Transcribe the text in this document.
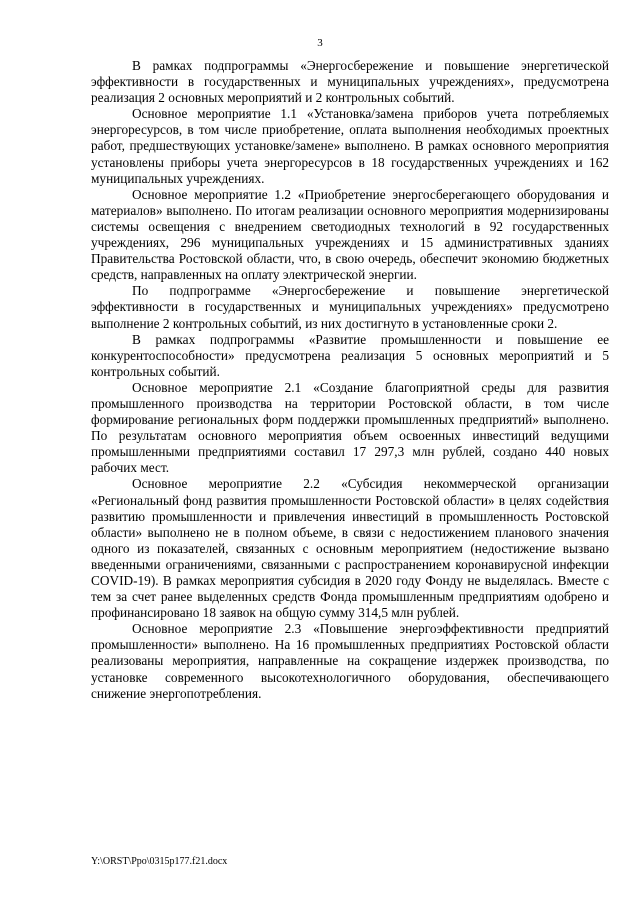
3

В рамках подпрограммы «Энергосбережение и повышение энергетической эффективности в государственных и муниципальных учреждениях», предусмотрена реализация 2 основных мероприятий и 2 контрольных событий.

Основное мероприятие 1.1 «Установка/замена приборов учета потребляемых энергоресурсов, в том числе приобретение, оплата выполнения необходимых проектных работ, предшествующих установке/замене» выполнено. В рамках основного мероприятия установлены приборы учета энергоресурсов в 18 государственных учреждениях и 162 муниципальных учреждениях.

Основное мероприятие 1.2 «Приобретение энергосберегающего оборудования и материалов» выполнено. По итогам реализации основного мероприятия модернизированы системы освещения с внедрением светодиодных технологий в 92 государственных учреждениях, 296 муниципальных учреждениях и 15 административных зданиях Правительства Ростовской области, что, в свою очередь, обеспечит экономию бюджетных средств, направленных на оплату электрической энергии.

По подпрограмме «Энергосбережение и повышение энергетической эффективности в государственных и муниципальных учреждениях» предусмотрено выполнение 2 контрольных событий, из них достигнуто в установленные сроки 2.

В рамках подпрограммы «Развитие промышленности и повышение ее конкурентоспособности» предусмотрена реализация 5 основных мероприятий и 5 контрольных событий.

Основное мероприятие 2.1 «Создание благоприятной среды для развития промышленного производства на территории Ростовской области, в том числе формирование региональных форм поддержки промышленных предприятий» выполнено. По результатам основного мероприятия объем освоенных инвестиций ведущими промышленными предприятиями составил 17 297,3 млн рублей, создано 440 новых рабочих мест.

Основное мероприятие 2.2 «Субсидия некоммерческой организации «Региональный фонд развития промышленности Ростовской области» в целях содействия развитию промышленности и привлечения инвестиций в промышленность Ростовской области» выполнено не в полном объеме, в связи с недостижением планового значения одного из показателей, связанных с основным мероприятием (недостижение вызвано введенными ограничениями, связанными с распространением коронавирусной инфекции COVID-19). В рамках мероприятия субсидия в 2020 году Фонду не выделялась. Вместе с тем за счет ранее выделенных средств Фонда промышленным предприятиям одобрено и профинансировано 18 заявок на общую сумму 314,5 млн рублей.

Основное мероприятие 2.3 «Повышение энергоэффективности предприятий промышленности» выполнено. На 16 промышленных предприятиях Ростовской области реализованы мероприятия, направленные на сокращение издержек производства, по установке современного высокотехнологичного оборудования, обеспечивающего снижение энергопотребления.

Y:\ORST\Ppo\0315p177.f21.docx
